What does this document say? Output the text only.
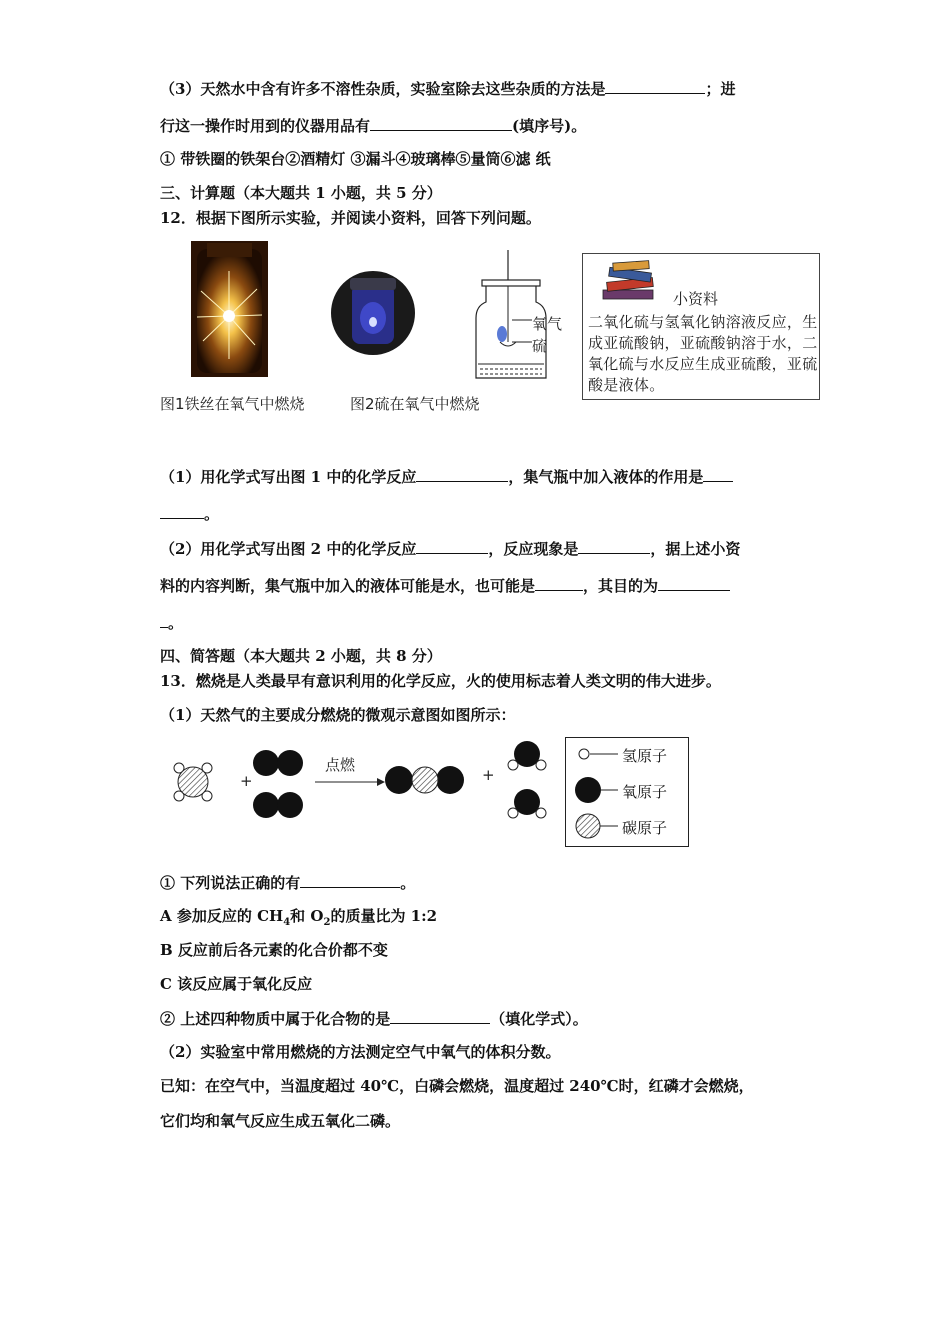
（3）天然水中含有许多不溶性杂质，实验室除去这些杂质的方法是	；进
行这一操作时用到的仪器用品有	(填序号)。
① 带铁圈的铁架台②酒精灯 ③漏斗④玻璃棒⑤量筒⑥滤 纸
三、计算题（本大题共 1 小题，共 5 分）
12．根据下图所示实验，并阅读小资料，回答下列问题。
氧气
硫
小资料
二氧化硫与氢氧化钠溶液反应，生成亚硫酸钠，亚硫酸钠溶于水，二氧化硫与水反应生成亚硫酸，亚硫酸是液体。
图1铁丝在氧气中燃烧	图2硫在氧气中燃烧
（1）用化学式写出图 1 中的化学反应	，集气瓶中加入液体的作用是
。
（2）用化学式写出图 2 中的化学反应	，反应现象是	，据上述小资
料的内容判断，集气瓶中加入的液体可能是水，也可能是	，其目的为
。
四、简答题（本大题共 2 小题，共 8 分）
13．燃烧是人类最早有意识利用的化学反应，火的使用标志着人类文明的伟大进步。
（1）天然气的主要成分燃烧的微观示意图如图所示：
+	+
点燃	氢原子
氧原子
碳原子
① 下列说法正确的有	。
A 参加反应的 $CH_4$和 $O_2$的质量比为 1:2
B 反应前后各元素的化合价都不变
C 该反应属于氧化反应
② 上述四种物质中属于化合物的是	（填化学式）。
（2）实验室中常用燃烧的方法测定空气中氧气的体积分数。
已知：在空气中，当温度超过 40℃，白磷会燃烧，温度超过 240℃时，红磷才会燃烧，
它们均和氧气反应生成五氧化二磷。
